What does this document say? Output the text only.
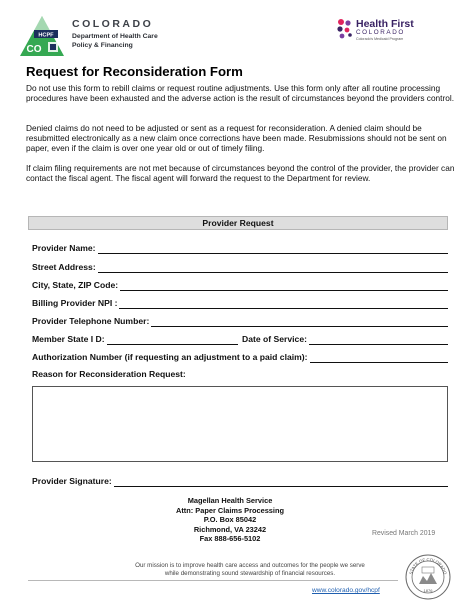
HCPF
CO
COLORADO
Department of Health Care
Policy & Financing
Health First
COLORADO
Colorado's Medicaid Program
Request for Reconsideration Form
Do not use this form to rebill claims or request routine adjustments. Use this form only after all routine processing procedures have been exhausted and the adverse action is the result of circumstances beyond the providers control.
Denied claims do not need to be adjusted or sent as a request for reconsideration. A denied claim should be resubmitted electronically as a new claim once corrections have been made. Resubmissions should not be sent on paper, even if the claim is over one year old or out of timely filing.
If claim filing requirements are not met because of circumstances beyond the control of the provider, the provider can contact the fiscal agent. The fiscal agent will forward the request to the Department for review.
Provider Request
Provider Name:
Street Address:
City, State, ZIP Code:
Billing Provider NPI :
Provider Telephone Number:
Member State I D:	Date of Service:
Authorization Number (if requesting an adjustment to a paid claim):
Reason for Reconsideration Request:
Provider Signature:
Magellan Health Service
Attn: Paper Claims Processing
P.O. Box 85042
Richmond, VA 23242
Fax 888-656-5102
Revised March 2019
Our mission is to improve health care access and outcomes for the people we serve
while demonstrating sound stewardship of financial resources.
www.colorado.gov/hcpf
STATE OF COLORADO
1876
